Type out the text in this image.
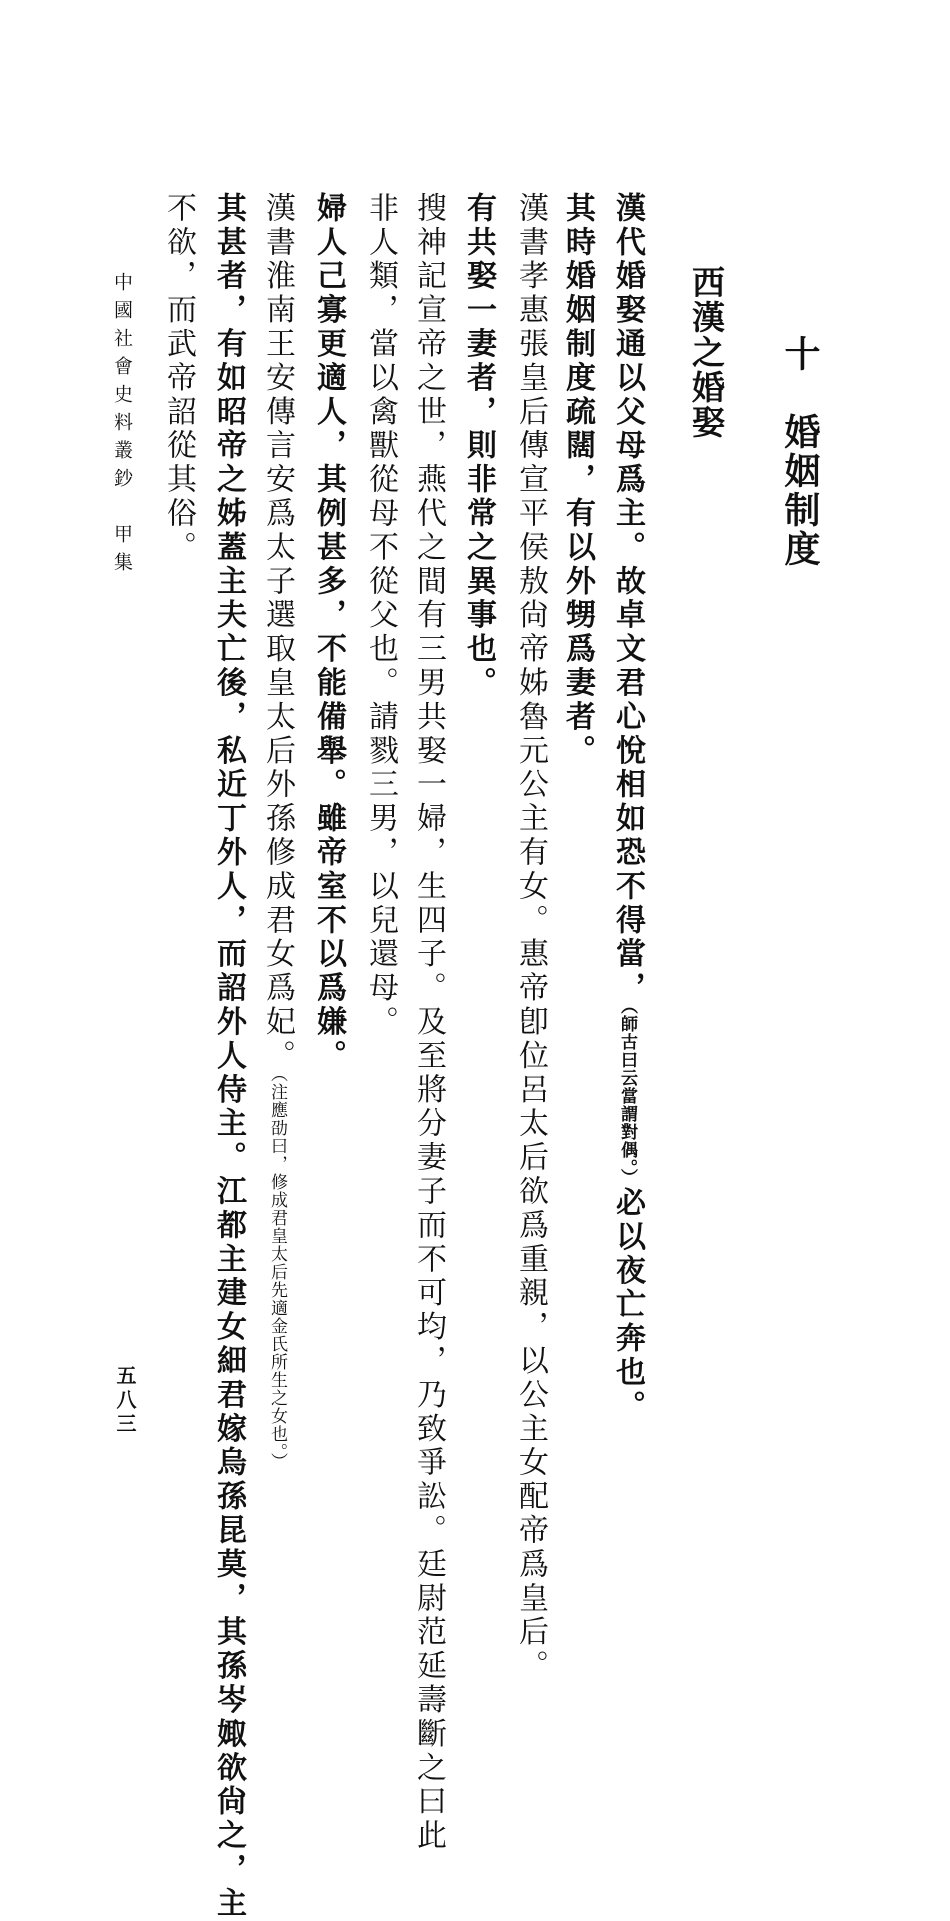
十　婚姻制度
西漢之婚娶
漢代婚娶通以父母爲主。故卓文君心悅相如恐不得當，（師古曰云當謂對偶。）必以夜亡奔也。
其時婚姻制度疏闊，有以外甥爲妻者。
漢書孝惠張皇后傳宣平侯敖尙帝姊魯元公主有女。惠帝卽位呂太后欲爲重親，以公主女配帝爲皇后。
有共娶一妻者，則非常之異事也。
搜神記宣帝之世，燕代之間有三男共娶一婦，生四子。及至將分妻子而不可均，乃致爭訟。廷尉范延壽斷之曰此
非人類，當以禽獸從母不從父也。請戮三男，以兒還母。
婦人己寡更適人，其例甚多，不能備舉。雖帝室不以爲嫌。
漢書淮南王安傳言安爲太子選取皇太后外孫修成君女爲妃。（注應劭曰，修成君皇太后先適金氏所生之女也。）
其甚者，有如昭帝之姊蓋主夫亡後，私近丁外人，而詔外人侍主。江都主建女細君嫁烏孫昆莫，其孫岑娵欲尙之，主
不欲，而武帝詔從其俗。
中國社會史料叢鈔　甲集
五八三
